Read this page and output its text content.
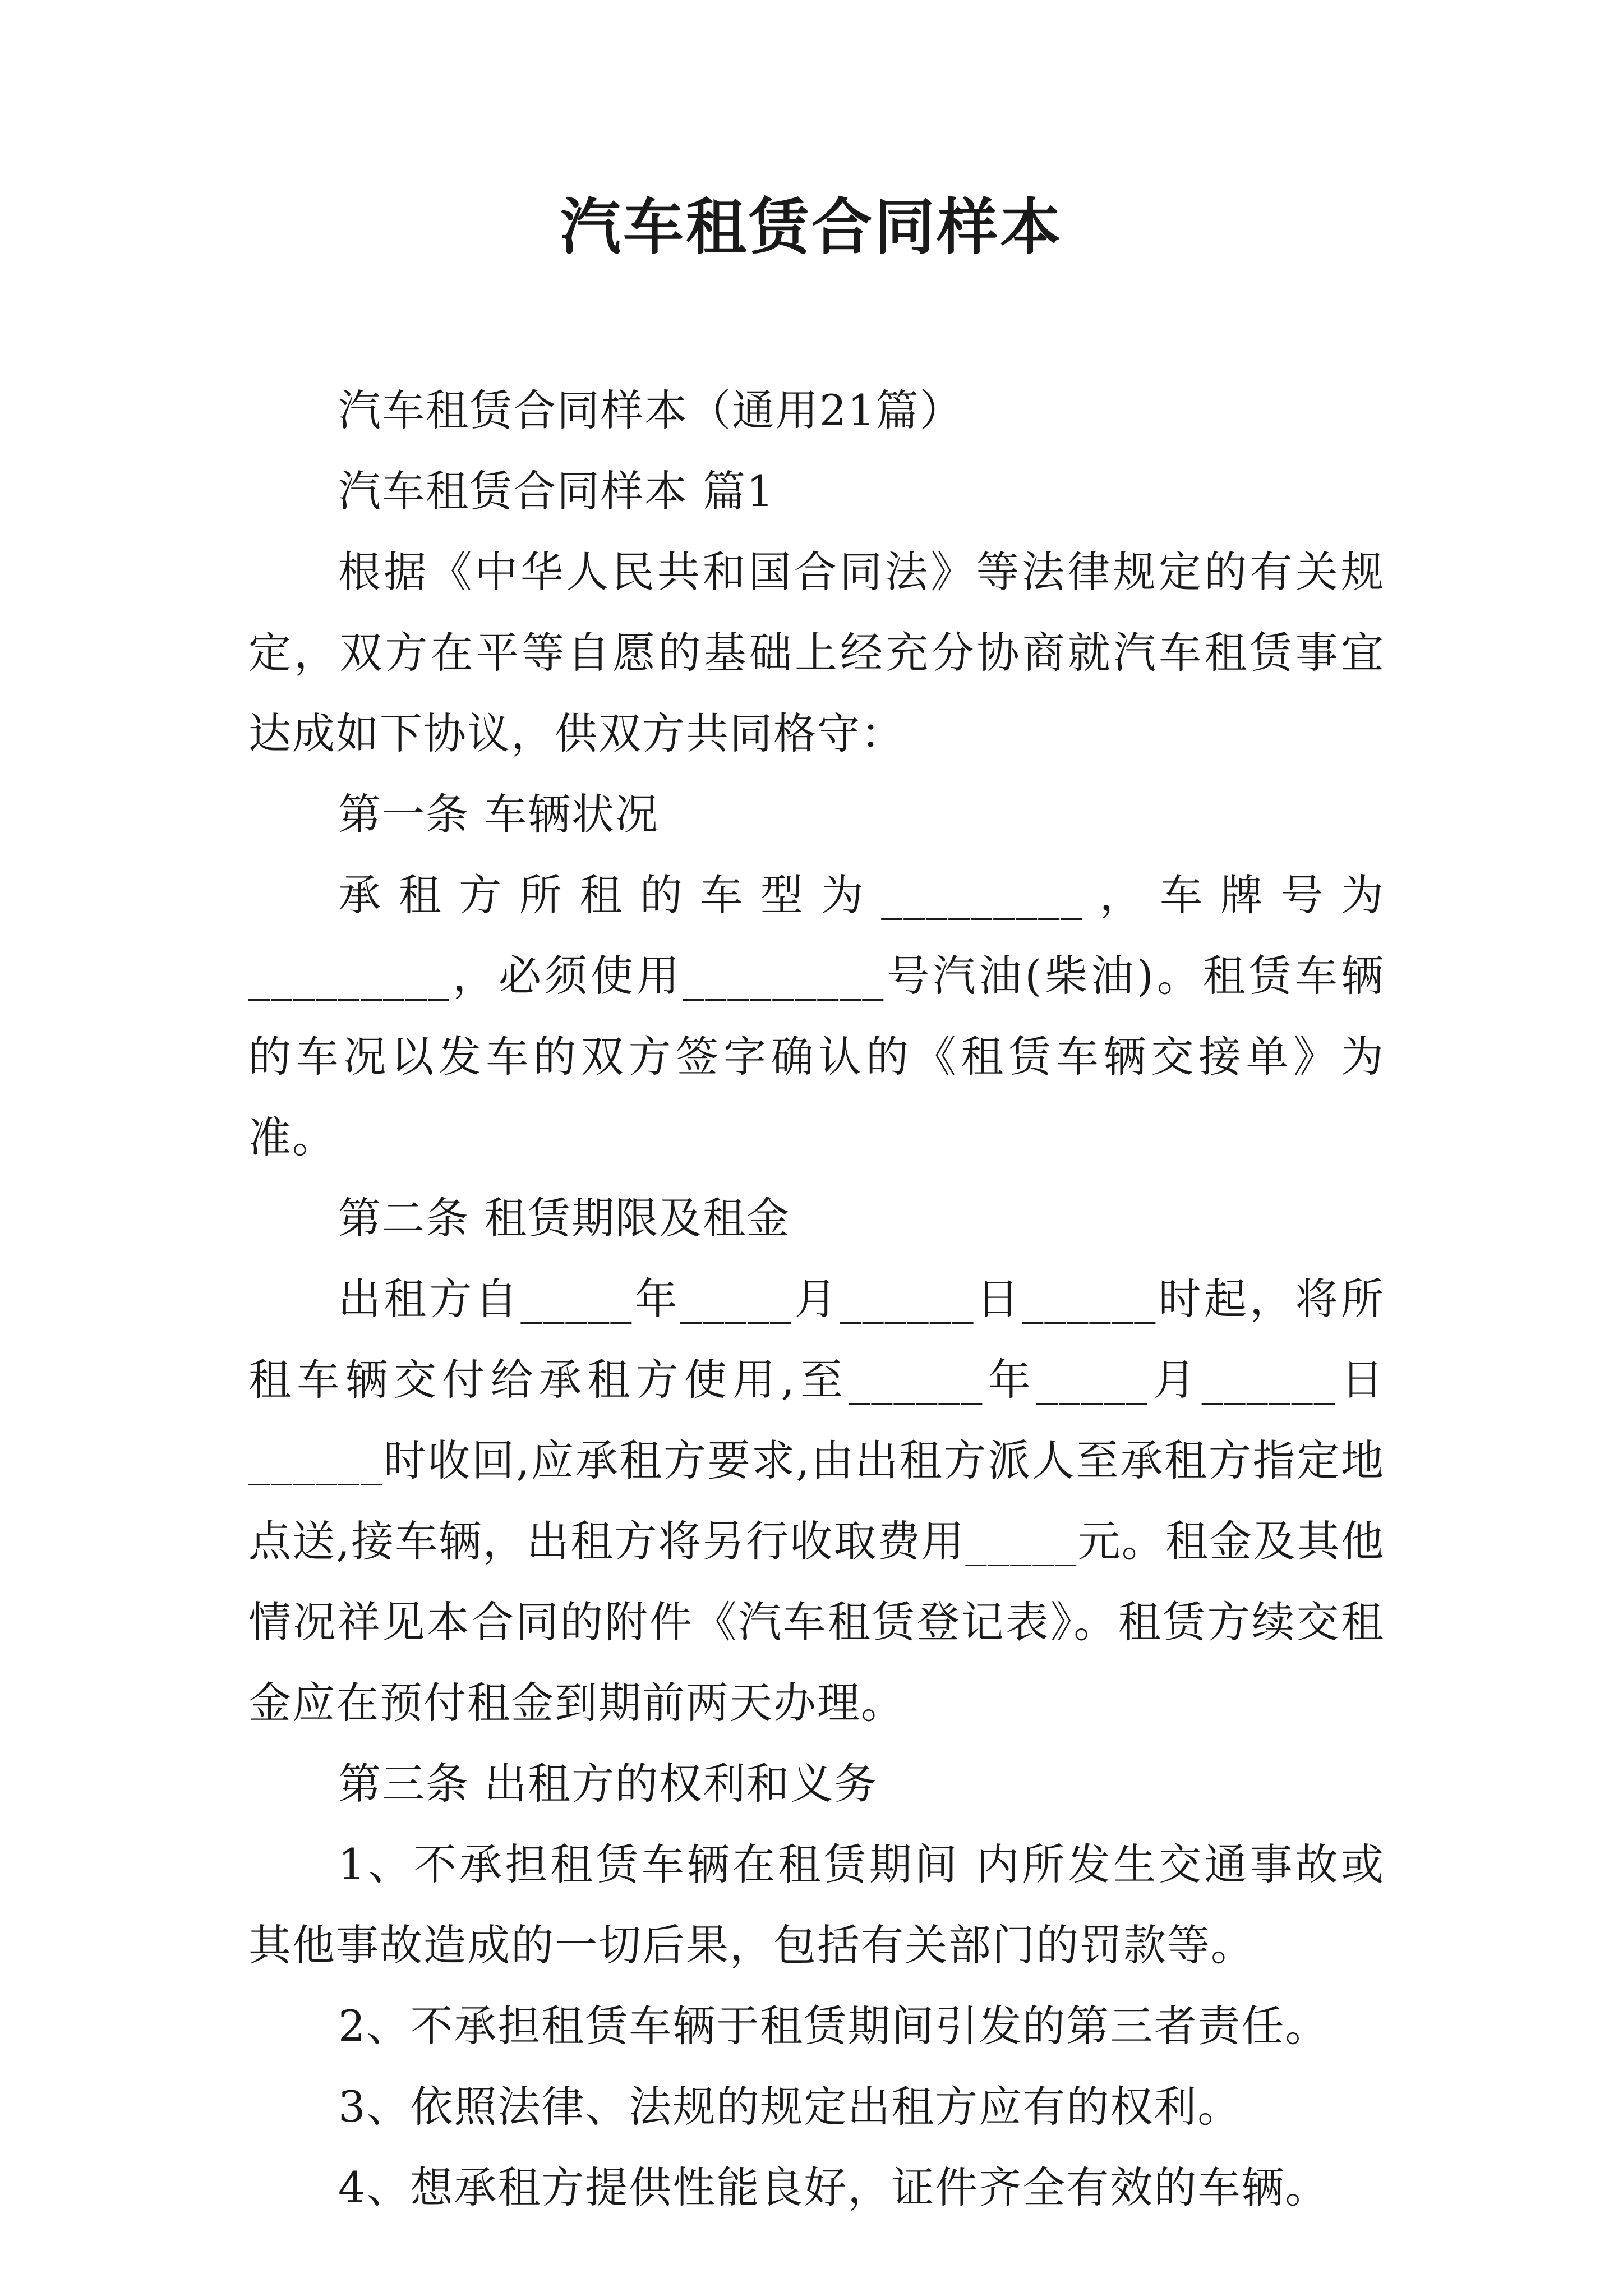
汽车租赁合同样本

汽车租赁合同样本（通用21篇）

汽车租赁合同样本 篇1

根据《中华人民共和国合同法》等法律规定的有关规定，双方在平等自愿的基础上经充分协商就汽车租赁事宜达成如下协议，供双方共同格守：

第一条 车辆状况

承租方所租的车型为_________，车牌号为_________，必须使用_________号汽油(柴油)。租赁车辆的车况以发车的双方签字确认的《租赁车辆交接单》为准。

第二条 租赁期限及租金

出租方自_____年_____月______日______时起，将所租车辆交付给承租方使用,至______年_____月______日______时收回,应承租方要求,由出租方派人至承租方指定地点送,接车辆，出租方将另行收取费用_____元。租金及其他情况祥见本合同的附件《汽车租赁登记表》。租赁方续交租金应在预付租金到期前两天办理。

第三条 出租方的权利和义务

1、不承担租赁车辆在租赁期间 内所发生交通事故或其他事故造成的一切后果，包括有关部门的罚款等。

2、不承担租赁车辆于租赁期间引发的第三者责任。

3、依照法律、法规的规定出租方应有的权利。

4、想承租方提供性能良好，证件齐全有效的车辆。
